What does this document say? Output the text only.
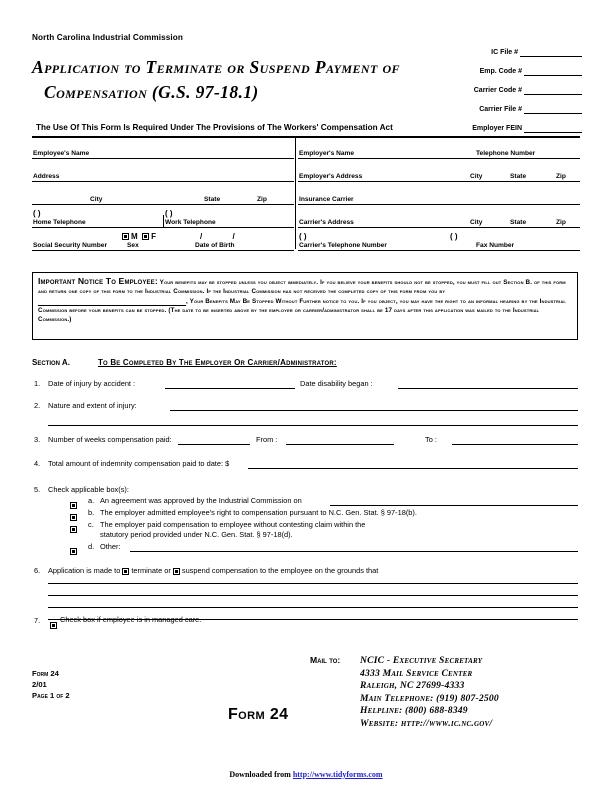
North Carolina Industrial Commission
Application to Terminate or Suspend Payment of
Compensation (G.S. 97-18.1)
The Use Of This Form Is Required Under The Provisions of The Workers' Compensation Act
IC File #
Emp. Code #
Carrier Code #
Carrier File #
Employer FEIN
Employee's Name
Address
City	State	Zip
( )	( )
Home Telephone	Work Telephone
M F	/ /
Social Security Number	Sex	Date of Birth
Employer's Name	Telephone Number
Employer's Address	City	State	Zip
Insurance Carrier
Carrier's Address	City	State	Zip
( )	( )
Carrier's Telephone Number	Fax Number
Important Notice To Employee: Your benefits may be stopped unless you object immediately. If you believe your benefits should not be stopped, you must fill out Section B. of this form and return one copy of this form to the Industrial Commission. If the Industrial Commission has not received the completed copy of this form from you by, Your Benefits May Be Stopped Without Further notice to you. If you object, you may have the right to an informal hearing by the Industrial Commission before your benefits can be stopped. (The date to be inserted above by the employer or carrier/administrator shall be 17 days after this application was mailed to the Industrial Commission.)
Section A.	To Be Completed By The Employer Or Carrier/Administrator:
1. Date of injury by accident :	Date disability began :
2. Nature and extent of injury:
3. Number of weeks compensation paid:	From :	To :
4. Total amount of indemnity compensation paid to date: $
5. Check applicable box(s):
a. An agreement was approved by the Industrial Commission on
b. The employer admitted employee's right to compensation pursuant to N.C. Gen. Stat. § 97-18(b).
c. The employer paid compensation to employee without contesting claim within the
statutory period provided under N.C. Gen. Stat. § 97-18(d).
d. Other:
6. Application is made to terminate or suspend compensation to the employee on the grounds that
7.	Check box if employee is in managed care.
Form 24
2/01
Page 1 of 2
Mail to: NCIC - Executive Secretary
4333 Mail Service Center
Raleigh, NC 27699-4333
Main Telephone: (919) 807-2500
Helpline: (800) 688-8349
Website: http://www.ic.nc.gov/
Form 24
Downloaded from http://www.tidyforms.com
